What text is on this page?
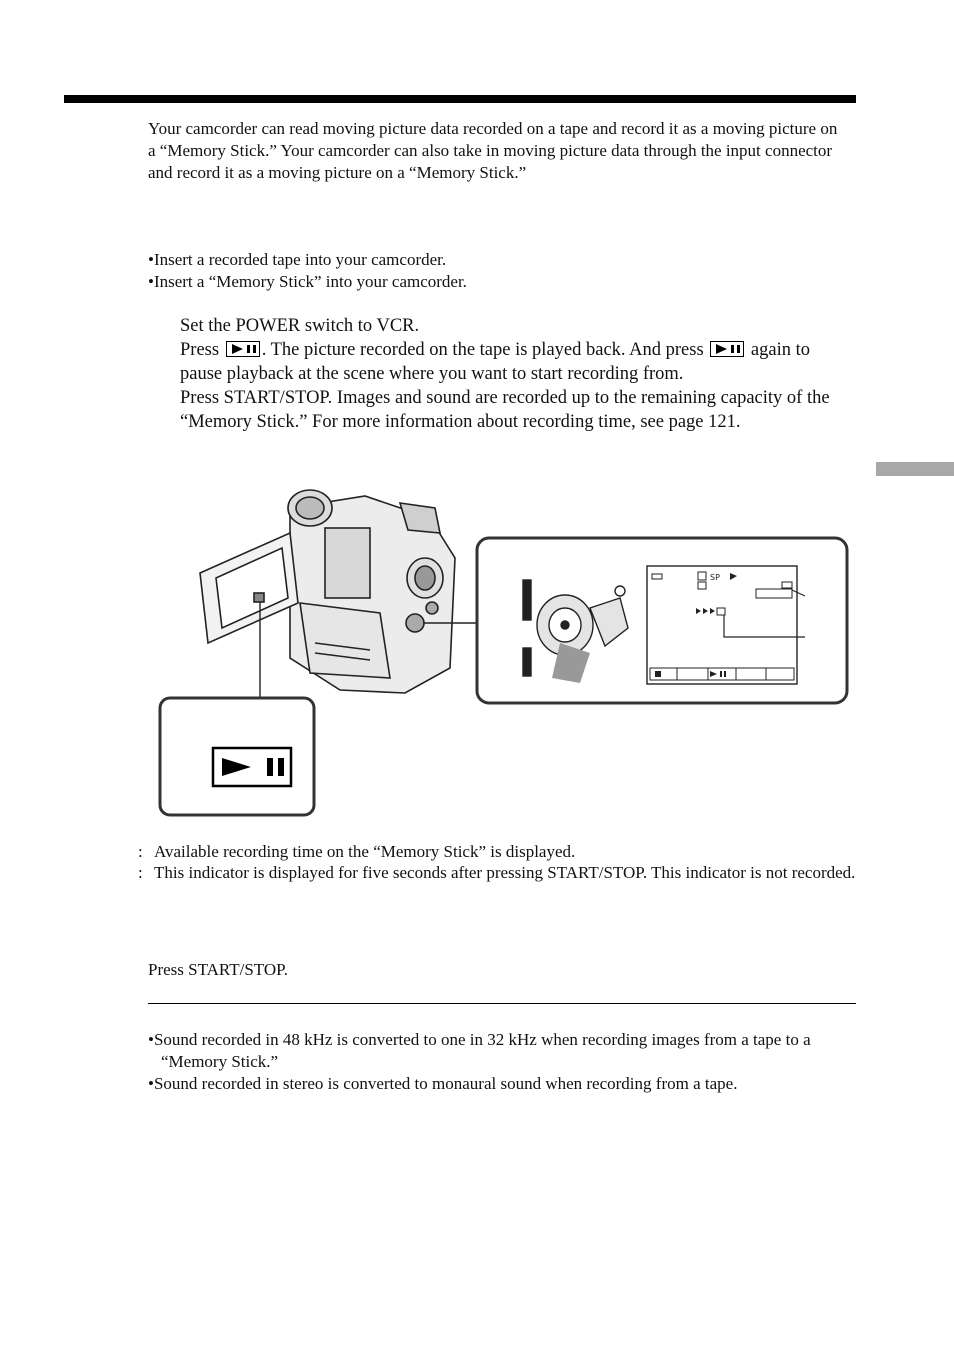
Your camcorder can read moving picture data recorded on a tape and record it as a moving picture on a “Memory Stick.” Your camcorder can also take in moving picture data through the input connector and record it as a moving picture on a “Memory Stick.”

•Insert a recorded tape into your camcorder.
•Insert a “Memory Stick” into your camcorder.
Set the POWER switch to VCR.
Press . The picture recorded on the tape is played back. And press	again to pause playback at the scene where you want to start recording from.
Press START/STOP. Images and sound are recorded up to the remaining capacity of the “Memory Stick.” For more information about recording time, see page 121.
SP
: Available recording time on the “Memory Stick” is displayed.
: This indicator is displayed for five seconds after pressing START/STOP. This indicator is not recorded.
Press START/STOP.
•Sound recorded in 48 kHz is converted to one in 32 kHz when recording images from a tape to a “Memory Stick.”
•Sound recorded in stereo is converted to monaural sound when recording from a tape.
